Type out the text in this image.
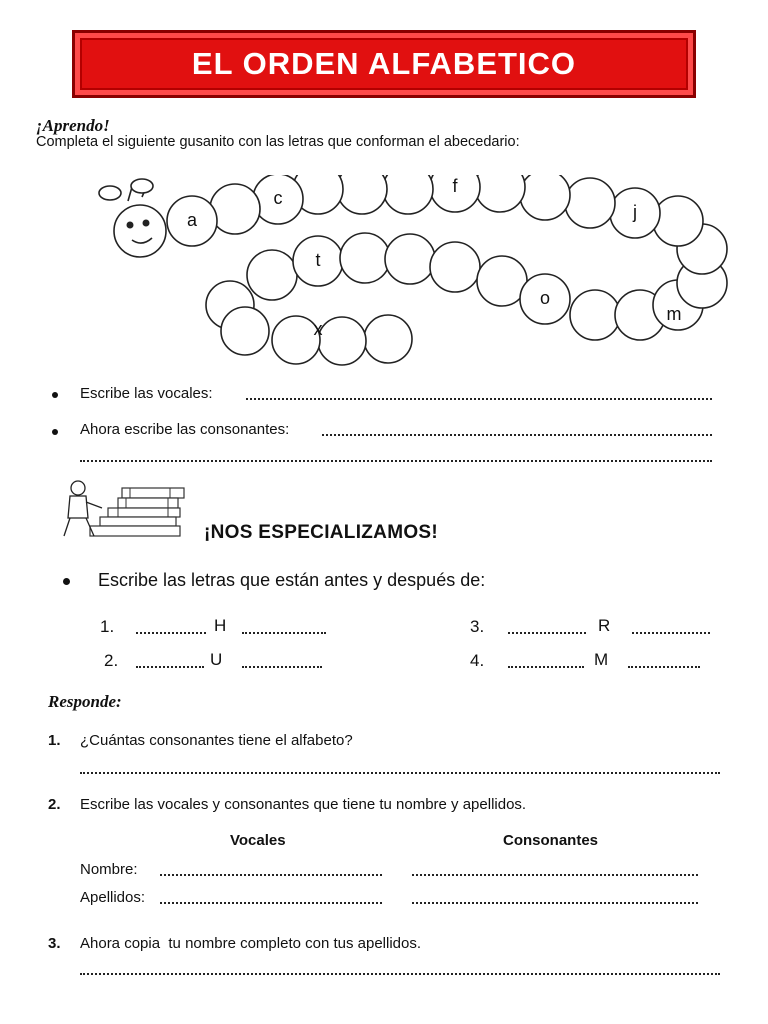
EL ORDEN ALFABETICO
¡Aprendo!
Completa el siguiente gusanito con las letras que conforman el abecedario:
a
c
f
j
t
o
m
x
Escribe las vocales:
Ahora escribe las consonantes:
¡NOS ESPECIALIZAMOS!
Escribe las letras que están antes y después de:
1.	H
2.	U
3.	R
4.	M
Responde:
1. ¿Cuántas consonantes tiene el alfabeto?
2. Escribe las vocales y consonantes que tiene tu nombre y apellidos.
Vocales	Consonantes
Nombre:
Apellidos:
3. Ahora copia  tu nombre completo con tus apellidos.
